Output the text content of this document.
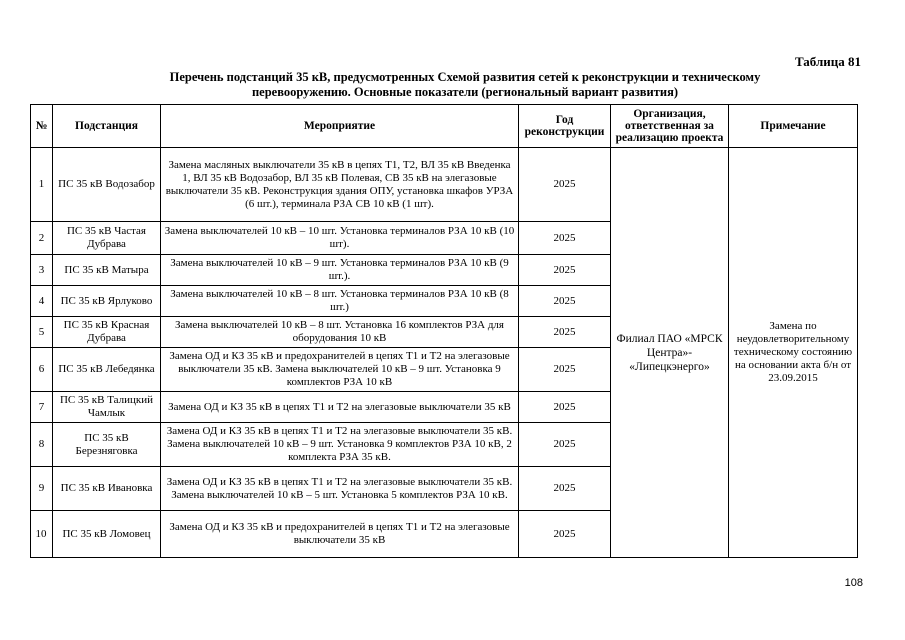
Таблица 81
Перечень подстанций 35 кВ, предусмотренных Схемой развития сетей к реконструкции и техническому перевооружению. Основные показатели (региональный вариант развития)
№	Подстанция	Мероприятие	Год реконструкции	Организация, ответственная за реализацию проекта	Примечание
1	ПС 35 кВ Водозабор	Замена масляных выключатели 35 кВ в цепях Т1, Т2, ВЛ 35 кВ Введенка 1, ВЛ 35 кВ Водозабор, ВЛ 35 кВ Полевая, СВ 35 кВ на элегазовые выключатели 35 кВ. Реконструкция здания ОПУ, установка шкафов УРЗА (6 шт.), терминала РЗА СВ 10 кВ (1 шт).	2025	Филиал ПАО «МРСК Центра»- «Липецкэнерго»	Замена по неудовлетворительному техническому состоянию на основании акта б/н от 23.09.2015
2	ПС 35 кВ Частая Дубрава	Замена выключателей 10 кВ – 10 шт. Установка терминалов РЗА 10 кВ (10 шт).	2025		
3	ПС 35 кВ Матыра	Замена выключателей 10 кВ – 9 шт. Установка терминалов РЗА 10 кВ (9 шт.).	2025		
4	ПС 35 кВ Ярлуково	Замена выключателей 10 кВ – 8 шт. Установка терминалов РЗА 10 кВ (8 шт.)	2025		
5	ПС 35 кВ Красная Дубрава	Замена выключателей 10 кВ – 8 шт. Установка 16 комплектов РЗА для оборудования 10 кВ	2025		
6	ПС 35 кВ Лебедянка	Замена ОД и КЗ 35 кВ и предохранителей в цепях Т1 и Т2 на элегазовые выключатели 35 кВ. Замена выключателей 10 кВ – 9 шт. Установка 9 комплектов РЗА 10 кВ	2025		
7	ПС 35 кВ Талицкий Чамлык	Замена ОД и КЗ 35 кВ в цепях Т1 и Т2 на элегазовые выключатели 35 кВ	2025		
8	ПС 35 кВ Березняговка	Замена ОД и КЗ 35 кВ в цепях Т1 и Т2 на элегазовые выключатели 35 кВ. Замена выключателей 10 кВ – 9 шт. Установка 9 комплектов РЗА 10 кВ, 2 комплекта РЗА 35 кВ.	2025		
9	ПС 35 кВ Ивановка	Замена ОД и КЗ 35 кВ в цепях Т1 и Т2 на элегазовые выключатели 35 кВ. Замена выключателей 10 кВ – 5 шт. Установка 5 комплектов РЗА 10 кВ.	2025		
10	ПС 35 кВ Ломовец	Замена ОД и КЗ 35 кВ и предохранителей в цепях Т1 и Т2 на элегазовые выключатели 35 кВ	2025		
108
